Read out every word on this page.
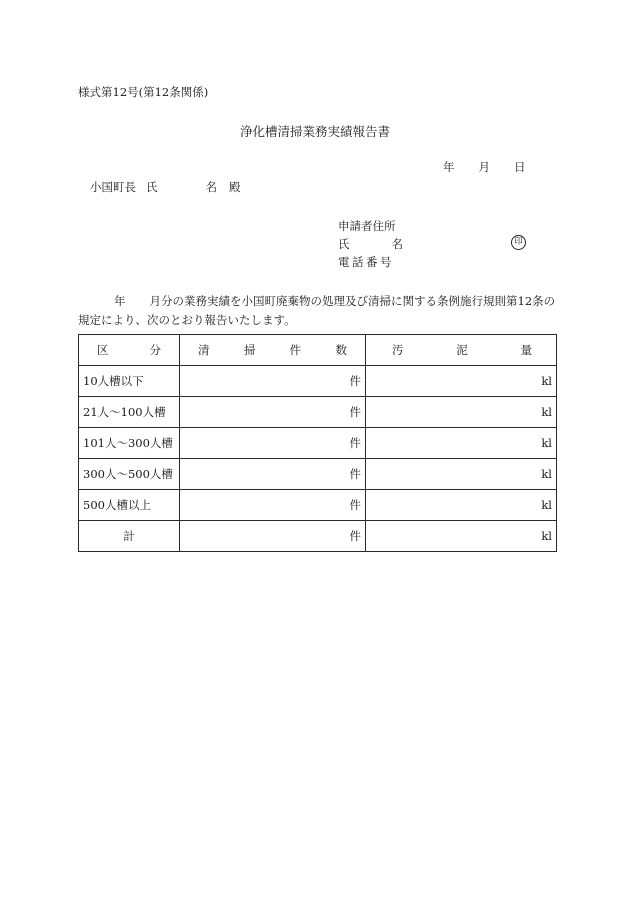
様式第12号(第12条関係)
浄化槽清掃業務実績報告書
年 月 日
小国町長 氏	名 殿
申請者住所
氏	名
電話番号
印
年 月分の業務実績を小国町廃棄物の処理及び清掃に関する条例施行規則第12条の規定により、次のとおり報告いたします。
区 分	清 掃 件 数	汚 泥 量

10人槽以下	件	kl
21人～100人槽	件	kl
101人～300人槽	件	kl
300人～500人槽	件	kl
500人槽以上	件	kl
計	件	kl
